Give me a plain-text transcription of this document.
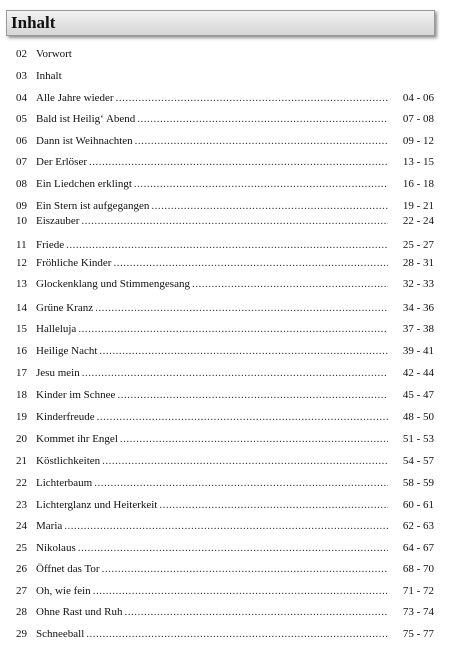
Inhalt
02 Vorwort
03 Inhalt
04 Alle Jahre wieder .....	04 - 06
05 Bald ist Heilig‘ Abend .....	07 - 08
06 Dann ist Weihnachten .....	09 - 12
07 Der Erlöser .....	13 - 15
08 Ein Liedchen erklingt .....	16 - 18
09 Ein Stern ist aufgegangen .....	19 - 21
10 Eiszauber .....	22 - 24
11 Friede .....	25 - 27
12 Fröhliche Kinder .....	28 - 31
13 Glockenklang und Stimmengesang .....	32 - 33
14 Grüne Kranz .....	34 - 36
15 Halleluja .....	37 - 38
16 Heilige Nacht .....	39 - 41
17 Jesu mein .....	42 - 44
18 Kinder im Schnee .....	45 - 47
19 Kinderfreude .....	48 - 50
20 Kommet ihr Engel .....	51 - 53
21 Köstlichkeiten .....	54 - 57
22 Lichterbaum .....	58 - 59
23 Lichterglanz und Heiterkeit .....	60 - 61
24 Maria .....	62 - 63
25 Nikolaus .....	64 - 67
26 Öffnet das Tor .....	68 - 70
27 Oh, wie fein .....	71 - 72
28 Ohne Rast und Ruh .....	73 - 74
29 Schneeball .....	75 - 77
